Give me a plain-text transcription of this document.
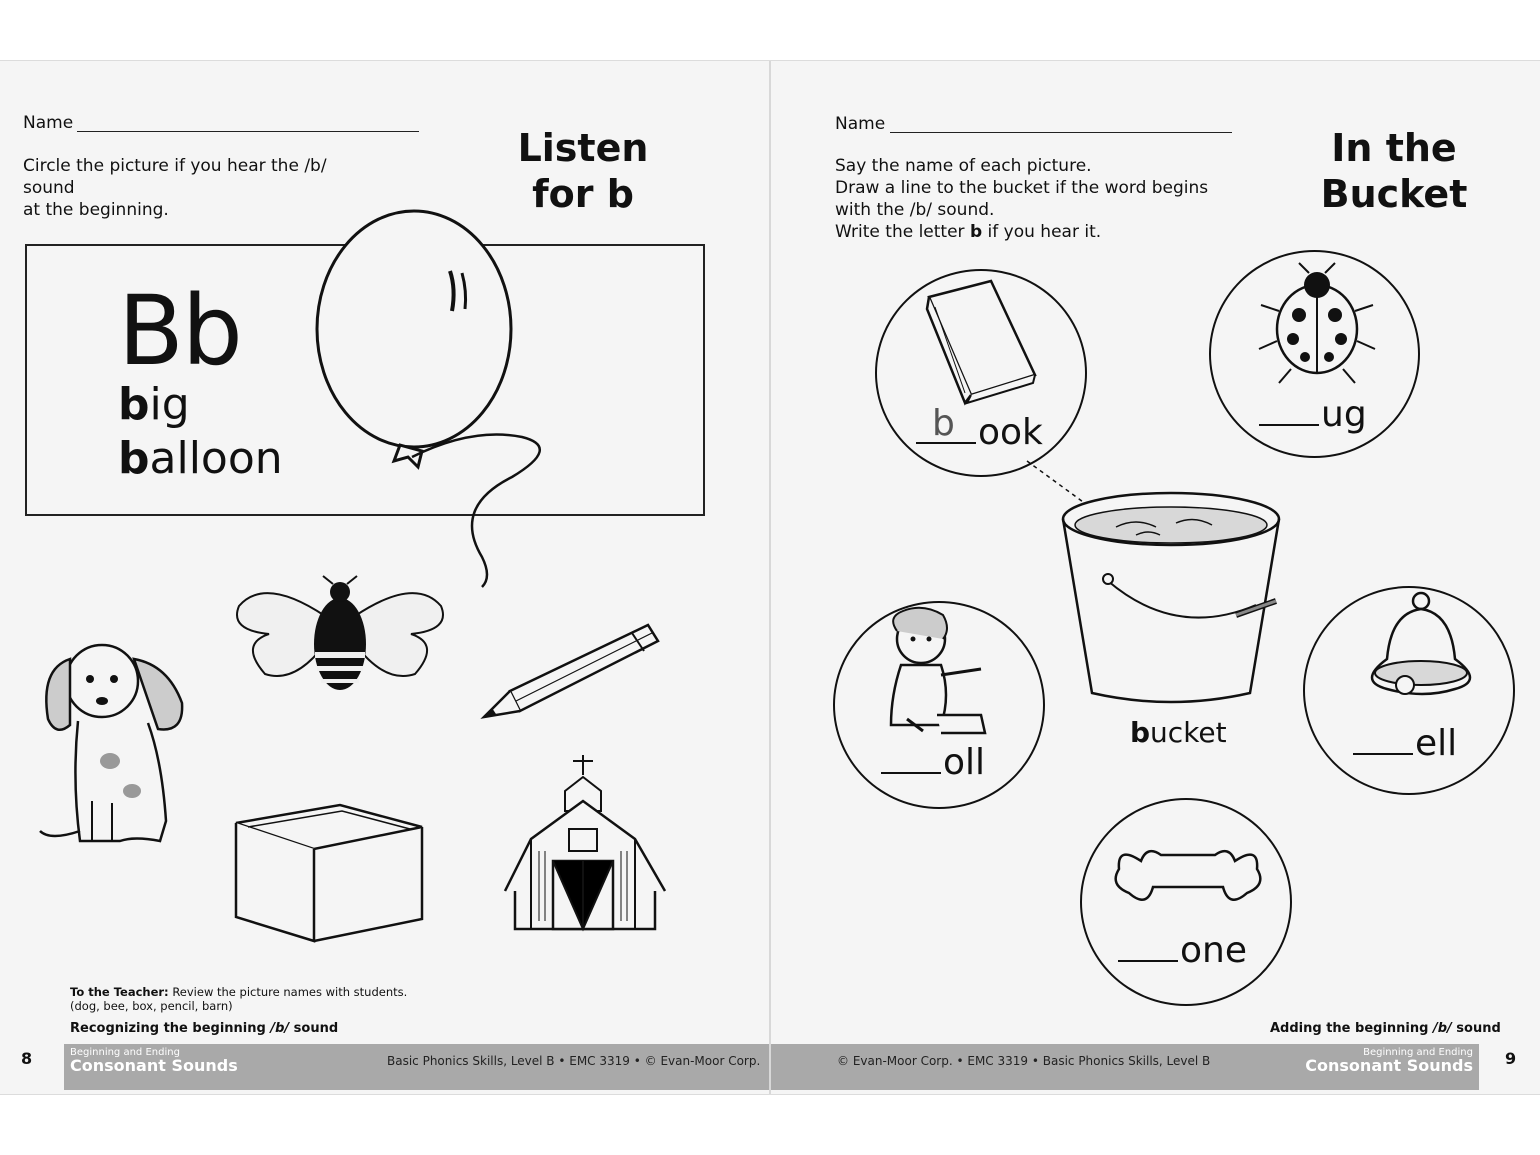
Name
Circle the picture if you hear the /b/ sound
at the beginning.
Listen
for b
Bb
big
balloon
To the Teacher: Review the picture names with students.
(dog, bee, box, pencil, barn)
Recognizing the beginning /b/ sound
8	Beginning and Ending
Consonant Sounds	Basic Phonics Skills, Level B • EMC 3319 • © Evan-Moor Corp.
Name
Say the name of each picture.
Draw a line to the bucket if the word begins
with the /b/ sound.
Write the letter b if you hear it.
In the
Bucket
b ook	ug
bucket
oll	ell
one
Adding the beginning /b/ sound
© Evan-Moor Corp. • EMC 3319 • Basic Phonics Skills, Level B
Beginning and Ending
Consonant Sounds 9
